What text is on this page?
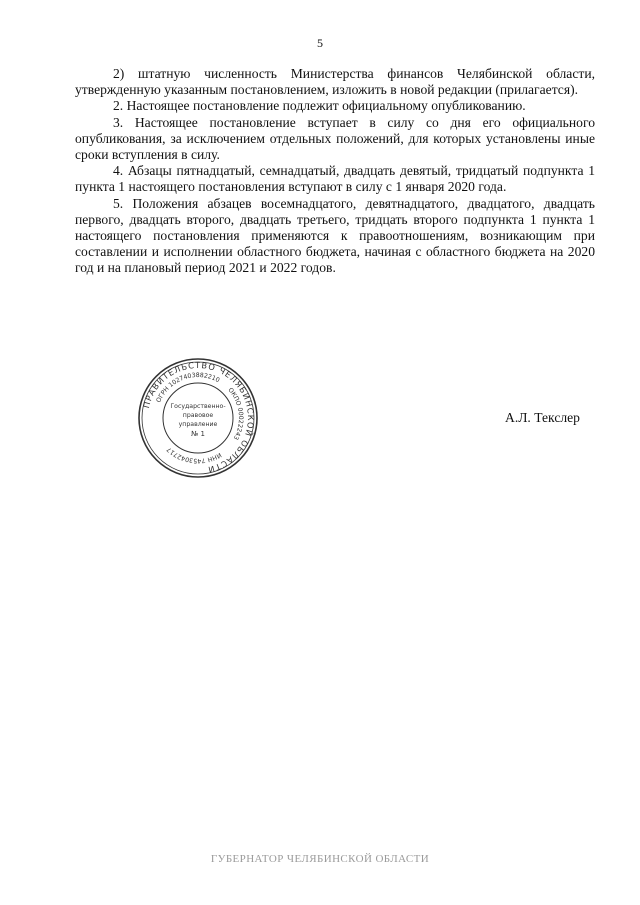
5

2) штатную численность Министерства финансов Челябинской области, утвержденную указанным постановлением, изложить в новой редакции (прилагается).

2. Настоящее постановление подлежит официальному опубликованию.

3. Настоящее постановление вступает в силу со дня его официального опубликования, за исключением отдельных положений, для которых установлены иные сроки вступления в силу.

4. Абзацы пятнадцатый, семнадцатый, двадцать девятый, тридцатый подпункта 1 пункта 1 настоящего постановления вступают в силу с 1 января 2020 года.

5. Положения абзацев восемнадцатого, девятнадцатого, двадцатого, двадцать первого, двадцать второго, двадцать третьего, тридцать второго подпункта 1 пункта 1 настоящего постановления применяются к правоотношениям, возникающим при составлении и исполнении областного бюджета, начиная с областного бюджета на 2020 год и на плановый период 2021 и 2022 годов.

ПРАВИТЕЛЬСТВО ЧЕЛЯБИНСКОЙ ОБЛАСТИ
ОГРН 1027403882210
ОКПО 00022243
ИНН 7453042717
Государственно-
правовое
управление
№ 1
А.Л. Текслер
ГУБЕРНАТОР ЧЕЛЯБИНСКОЙ ОБЛАСТИ
